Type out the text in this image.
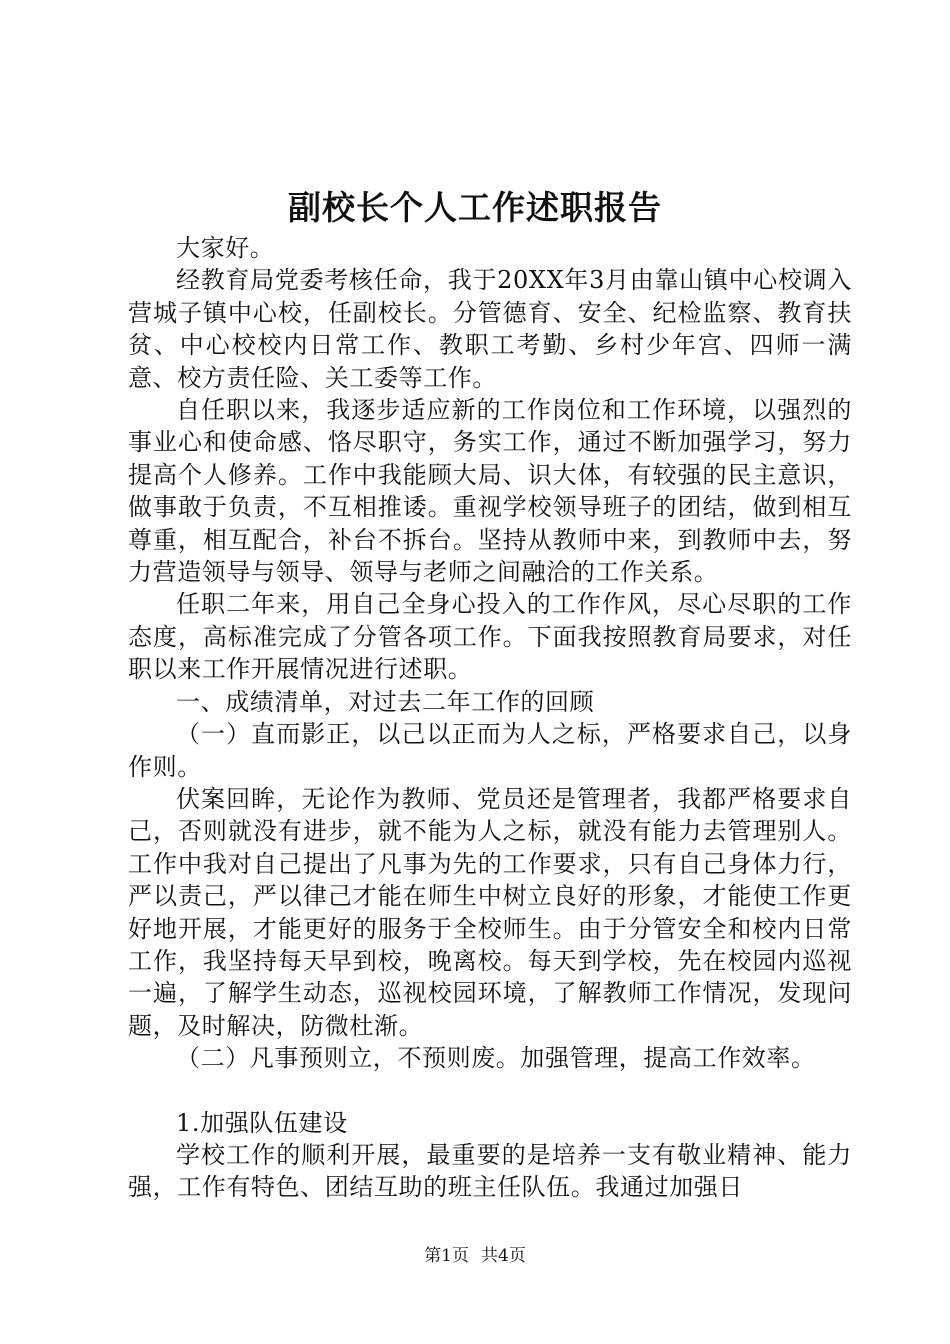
副校长个人工作述职报告

大家好。

经教育局党委考核任命，我于20XX年3月由靠山镇中心校调入营城子镇中心校，任副校长。分管德育、安全、纪检监察、教育扶贫、中心校校内日常工作、教职工考勤、乡村少年宫、四师一满意、校方责任险、关工委等工作。

自任职以来，我逐步适应新的工作岗位和工作环境，以强烈的事业心和使命感、恪尽职守，务实工作，通过不断加强学习，努力提高个人修养。工作中我能顾大局、识大体，有较强的民主意识，做事敢于负责，不互相推诿。重视学校领导班子的团结，做到相互尊重，相互配合，补台不拆台。坚持从教师中来，到教师中去，努力营造领导与领导、领导与老师之间融洽的工作关系。

任职二年来，用自己全身心投入的工作作风，尽心尽职的工作态度，高标准完成了分管各项工作。下面我按照教育局要求，对任职以来工作开展情况进行述职。

一、成绩清单，对过去二年工作的回顾

（一）直而影正，以己以正而为人之标，严格要求自己，以身作则。

伏案回眸，无论作为教师、党员还是管理者，我都严格要求自己，否则就没有进步，就不能为人之标，就没有能力去管理别人。工作中我对自己提出了凡事为先的工作要求，只有自己身体力行，严以责己，严以律己才能在师生中树立良好的形象，才能使工作更好地开展，才能更好的服务于全校师生。由于分管安全和校内日常工作，我坚持每天早到校，晚离校。每天到学校，先在校园内巡视一遍，了解学生动态，巡视校园环境，了解教师工作情况，发现问题，及时解决，防微杜渐。

（二）凡事预则立，不预则废。加强管理，提高工作效率。

1.加强队伍建设

学校工作的顺利开展，最重要的是培养一支有敬业精神、能力强，工作有特色、团结互助的班主任队伍。我通过加强日

第1页 共4页
